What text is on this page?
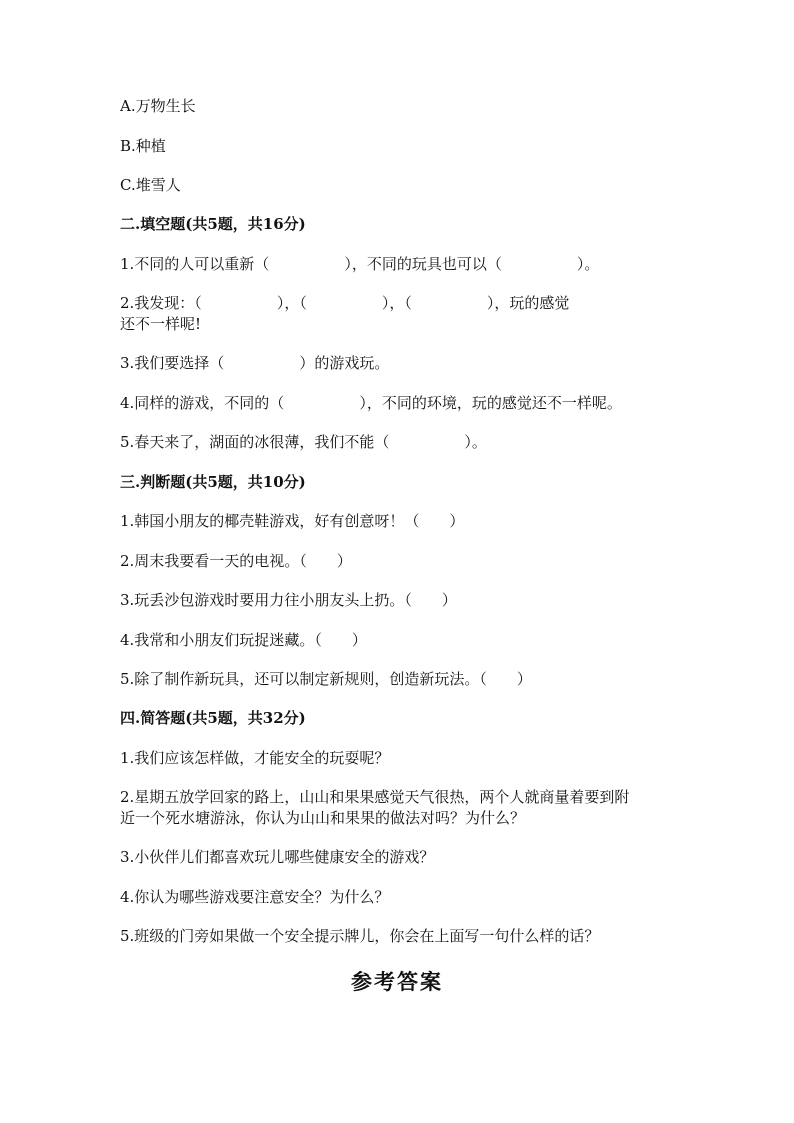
A.万物生长
B.种植
C.堆雪人
二.填空题(共5题，共16分)
1.不同的人可以重新（　　　　　），不同的玩具也可以（　　　　　）。
2.我发现：（　　　　　），（　　　　　），（　　　　　），玩的感觉
还不一样呢!
3.我们要选择（　　　　　）的游戏玩。
4.同样的游戏，不同的（　　　　　），不同的环境，玩的感觉还不一样呢。
5.春天来了，湖面的冰很薄，我们不能（　　　　　）。
三.判断题(共5题，共10分)
1.韩国小朋友的椰壳鞋游戏，好有创意呀！（　　）
2.周末我要看一天的电视。（　　）
3.玩丢沙包游戏时要用力往小朋友头上扔。（　　）
4.我常和小朋友们玩捉迷藏。（　　）
5.除了制作新玩具，还可以制定新规则，创造新玩法。（　　）
四.简答题(共5题，共32分)
1.我们应该怎样做，才能安全的玩耍呢？
2.星期五放学回家的路上，山山和果果感觉天气很热，两个人就商量着要到附
近一个死水塘游泳，你认为山山和果果的做法对吗？为什么？
3.小伙伴儿们都喜欢玩儿哪些健康安全的游戏？
4.你认为哪些游戏要注意安全？为什么？
5.班级的门旁如果做一个安全提示牌儿，你会在上面写一句什么样的话？
参考答案
